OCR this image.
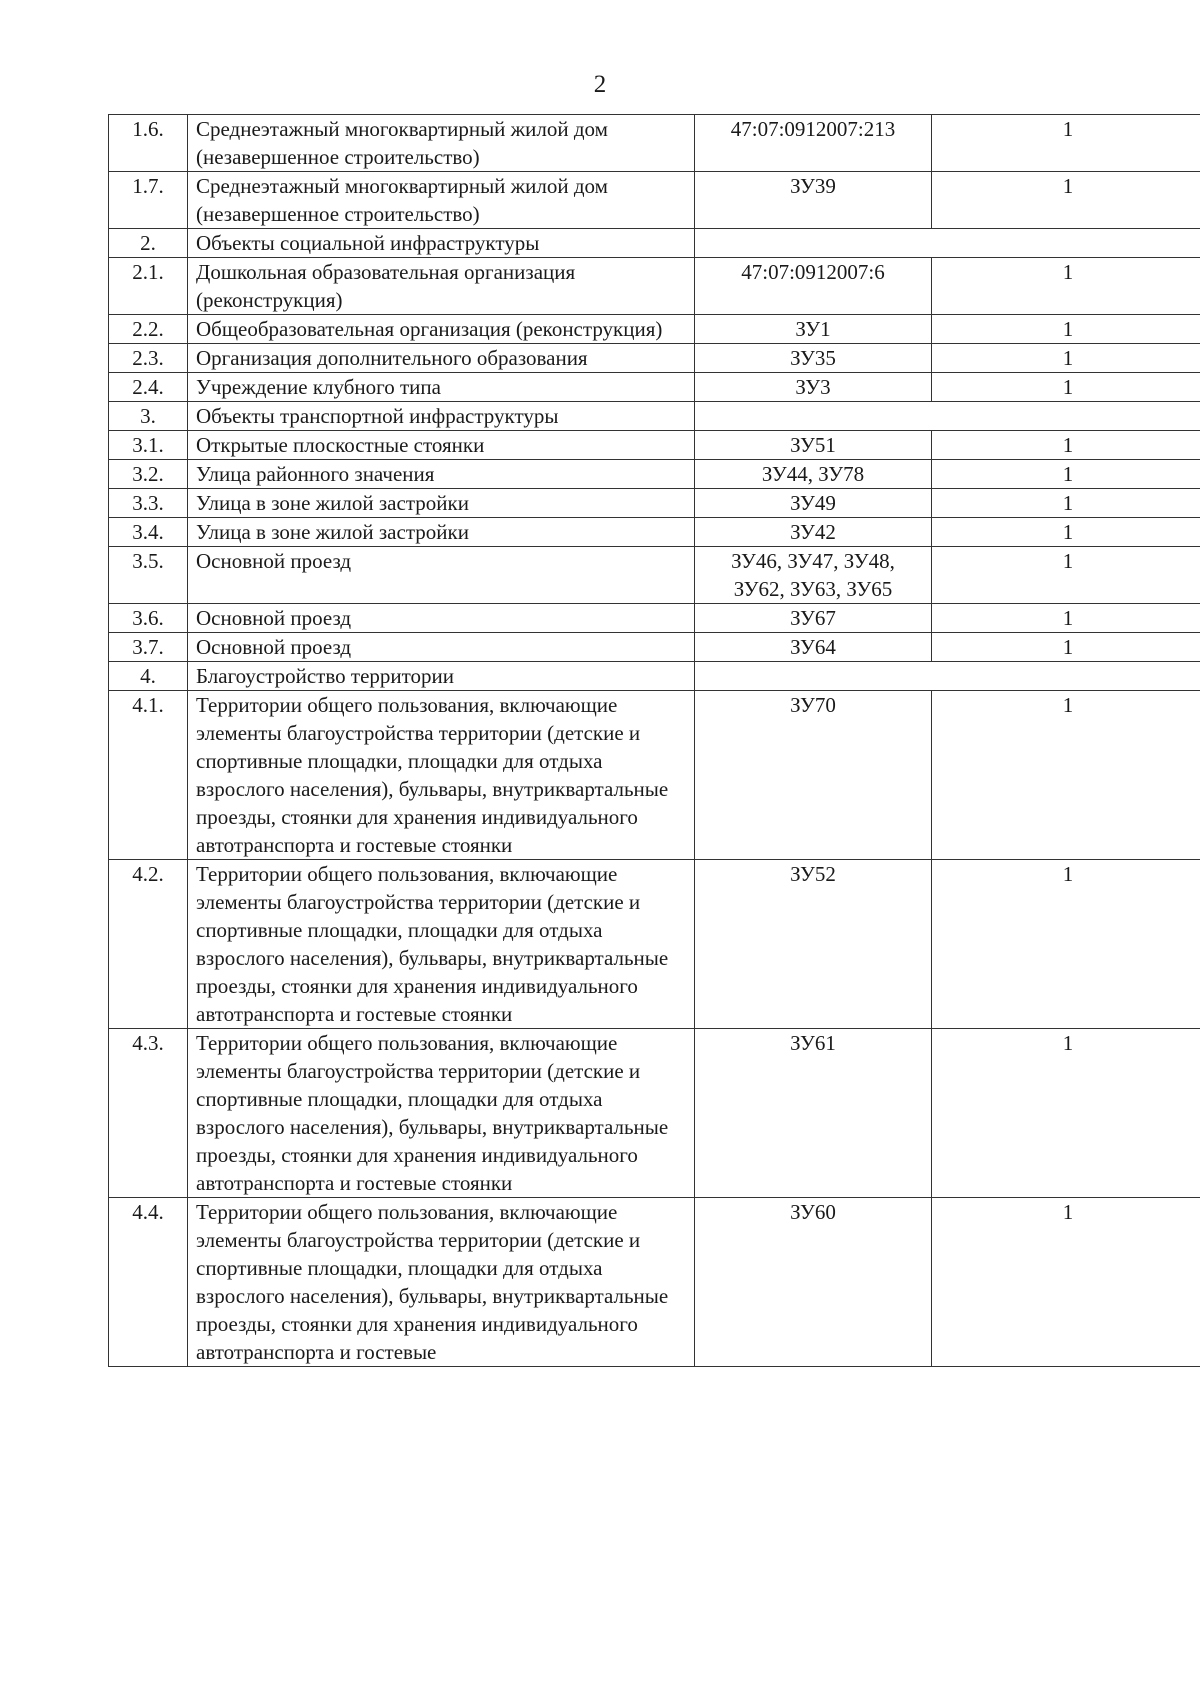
2
1.6.	Среднеэтажный многоквартирный жилой дом (незавершенное строительство)	47:07:0912007:213	1
1.7.	Среднеэтажный многоквартирный жилой дом (незавершенное строительство)	ЗУ39	1
2.	Объекты социальной инфраструктуры		
2.1.	Дошкольная образовательная организация (реконструкция)	47:07:0912007:6	1
2.2.	Общеобразовательная организация (реконструкция)	ЗУ1	1
2.3.	Организация дополнительного образования	ЗУ35	1
2.4.	Учреждение клубного типа	ЗУ3	1
3.	Объекты транспортной инфраструктуры		
3.1.	Открытые плоскостные стоянки	ЗУ51	1
3.2.	Улица районного значения	ЗУ44, ЗУ78	1
3.3.	Улица в зоне жилой застройки	ЗУ49	1
3.4.	Улица в зоне жилой застройки	ЗУ42	1
3.5.	Основной проезд	ЗУ46, ЗУ47, ЗУ48, ЗУ62, ЗУ63, ЗУ65	1
3.6.	Основной проезд	ЗУ67	1
3.7.	Основной проезд	ЗУ64	1
4.	Благоустройство территории		
4.1.	Территории общего пользования, включающие элементы благоустройства территории (детские и спортивные площадки, площадки для отдыха взрослого населения), бульвары, внутриквартальные проезды, стоянки для хранения индивидуального автотранспорта и гостевые стоянки	ЗУ70	1
4.2.	Территории общего пользования, включающие элементы благоустройства территории (детские и спортивные площадки, площадки для отдыха взрослого населения), бульвары, внутриквартальные проезды, стоянки для хранения индивидуального автотранспорта и гостевые стоянки	ЗУ52	1
4.3.	Территории общего пользования, включающие элементы благоустройства территории (детские и спортивные площадки, площадки для отдыха взрослого населения), бульвары, внутриквартальные проезды, стоянки для хранения индивидуального автотранспорта и гостевые стоянки	ЗУ61	1
4.4.	Территории общего пользования, включающие элементы благоустройства территории (детские и спортивные площадки, площадки для отдыха взрослого населения), бульвары, внутриквартальные проезды, стоянки для хранения индивидуального автотранспорта и гостевые	ЗУ60	1
